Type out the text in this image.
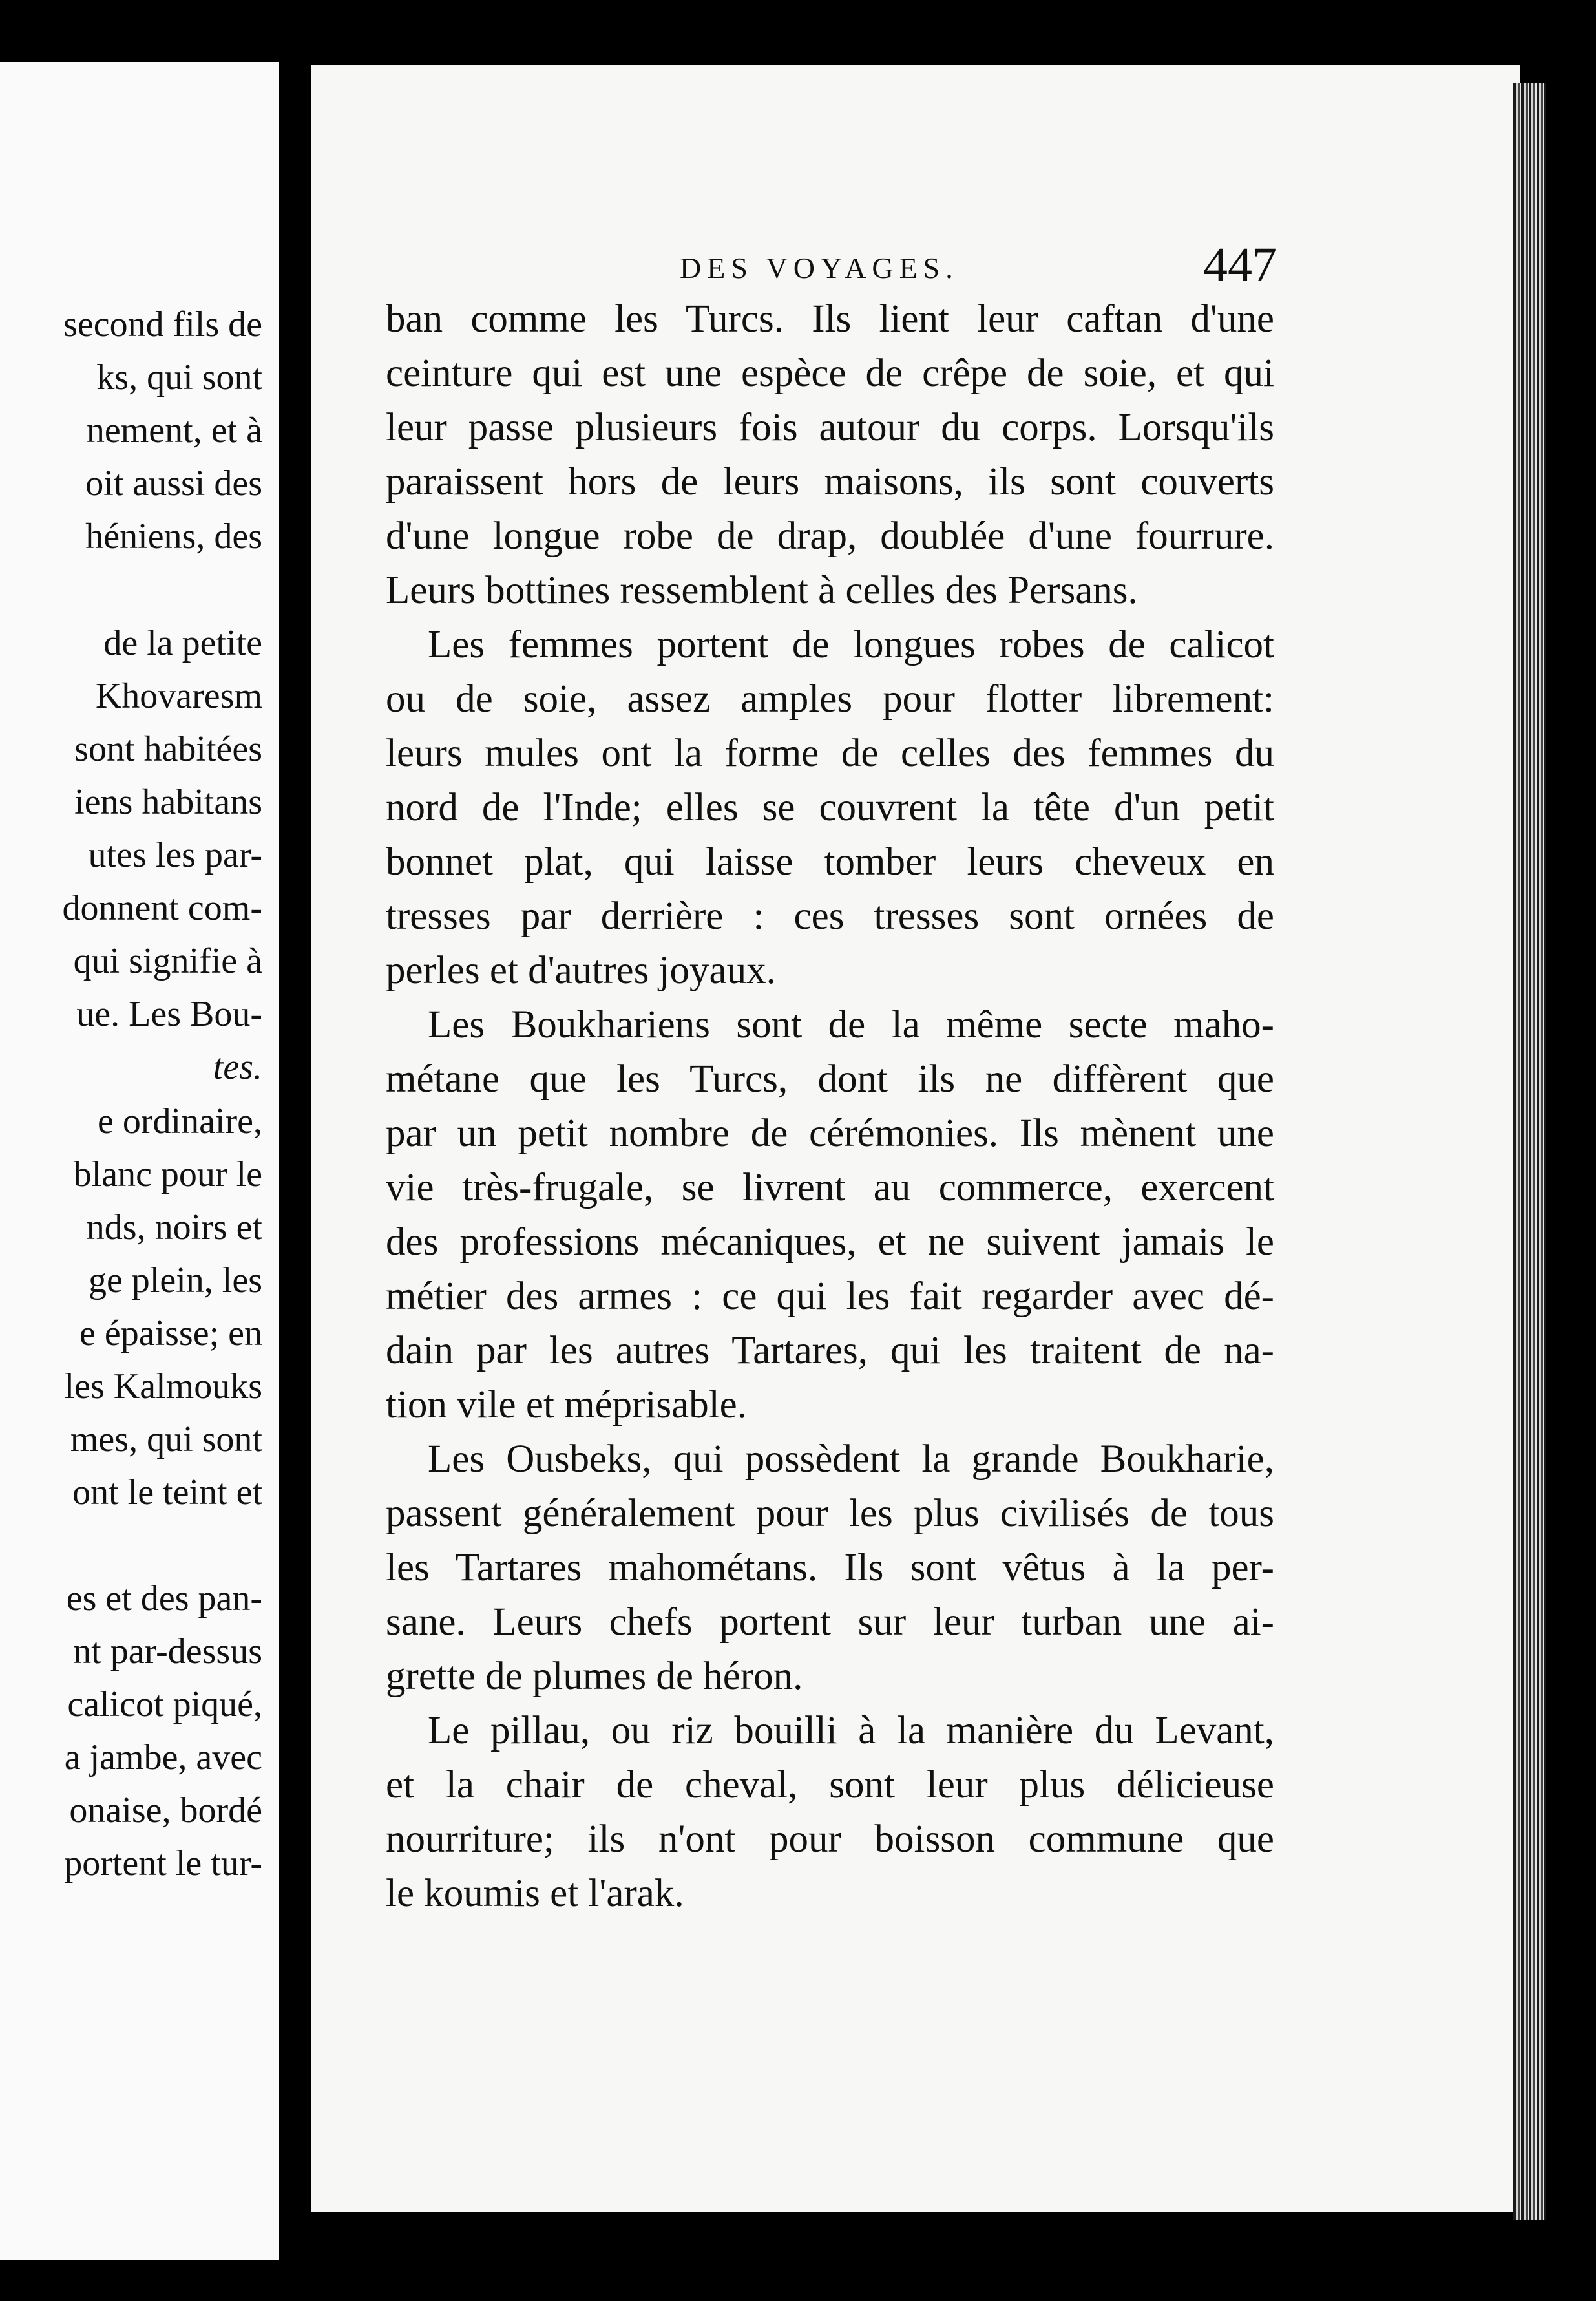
second fils de
ks, qui sont
nement, et à
oit aussi des
héniens, des
de la petite
Khovaresm
sont habitées
iens habitans
utes les par-
donnent com-
qui signifie à
ue. Les Bou-
tes.
e ordinaire,
blanc pour le
nds, noirs et
ge plein, les
e épaisse; en
les Kalmouks
mes, qui sont
ont le teint et
es et des pan-
nt par-dessus
calicot piqué,
a jambe, avec
onaise, bordé
portent le tur-
DES VOYAGES.	447
ban comme les Turcs. Ils lient leur caftan d'une
ceinture qui est une espèce de crêpe de soie, et qui
leur passe plusieurs fois autour du corps. Lorsqu'ils
paraissent hors de leurs maisons, ils sont couverts
d'une longue robe de drap, doublée d'une fourrure.
Leurs bottines ressemblent à celles des Persans.
Les femmes portent de longues robes de calicot
ou de soie, assez amples pour flotter librement:
leurs mules ont la forme de celles des femmes du
nord de l'Inde; elles se couvrent la tête d'un petit
bonnet plat, qui laisse tomber leurs cheveux en
tresses par derrière : ces tresses sont ornées de
perles et d'autres joyaux.
Les Boukhariens sont de la même secte maho-
métane que les Turcs, dont ils ne diffèrent que
par un petit nombre de cérémonies. Ils mènent une
vie très-frugale, se livrent au commerce, exercent
des professions mécaniques, et ne suivent jamais le
métier des armes : ce qui les fait regarder avec dé-
dain par les autres Tartares, qui les traitent de na-
tion vile et méprisable.
Les Ousbeks, qui possèdent la grande Boukharie,
passent généralement pour les plus civilisés de tous
les Tartares mahométans. Ils sont vêtus à la per-
sane. Leurs chefs portent sur leur turban une ai-
grette de plumes de héron.
Le pillau, ou riz bouilli à la manière du Levant,
et la chair de cheval, sont leur plus délicieuse
nourriture; ils n'ont pour boisson commune que
le koumis et l'arak.
